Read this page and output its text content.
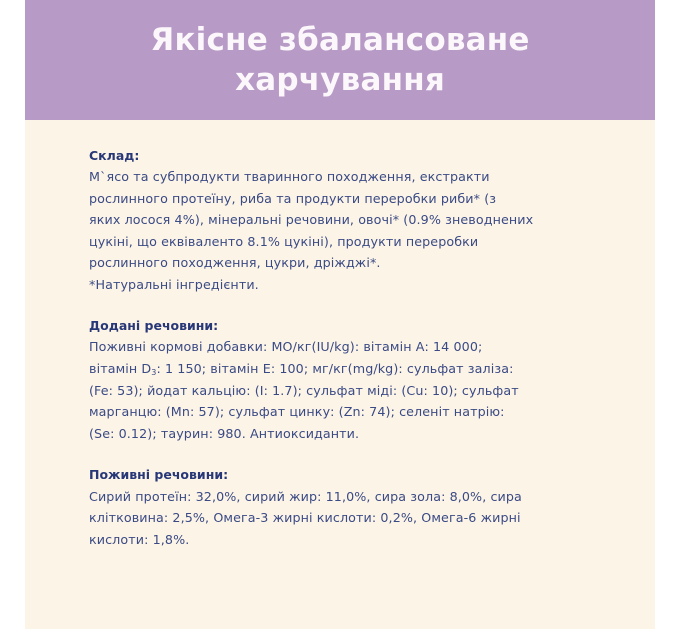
Якісне збалансоване
харчування
Склад:
М`ясо та субпродукти тваринного походження, екстракти
рослинного протеїну, риба та продукти переробки риби* (з
яких лосося 4%), мінеральні речовини, овочі* (0.9% зневоднених
цукіні, що еквіваленто 8.1% цукіні), продукти переробки
рослинного походження, цукри, дріжджі*.
*Натуральні інгредієнти.
Додані речовини:
Поживні кормові добавки: МО/кг(IU/kg): вітамін А: 14 000;
вітамін $D_3$: 1 150; вітамін Е: 100; мг/кг(mg/kg): сульфат заліза:
(Fe: 53); йодат кальцію: (I: 1.7); сульфат міді: (Cu: 10); сульфат
марганцю: (Mn: 57); сульфат цинку: (Zn: 74); селеніт натрію:
(Se: 0.12); таурин: 980. Антиоксиданти.
Поживні речовини:
Сирий протеїн: 32,0%, сирий жир: 11,0%, сира зола: 8,0%, сира
клітковина: 2,5%, Омега-3 жирні кислоти: 0,2%, Омега-6 жирні
кислоти: 1,8%.
